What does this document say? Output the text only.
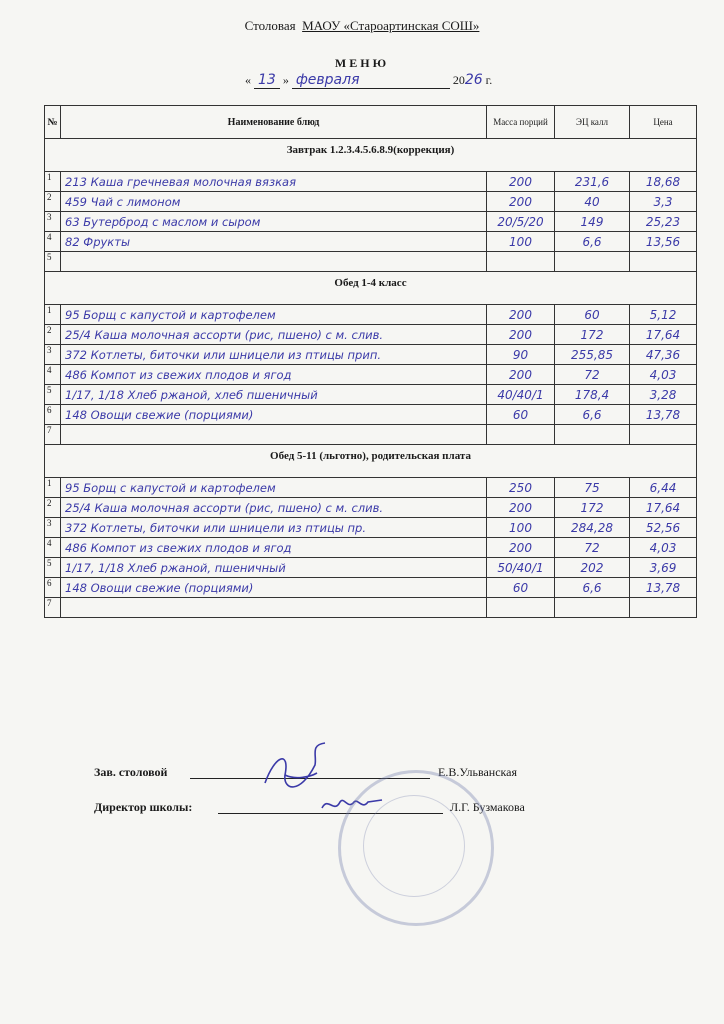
Столовая МАОУ «Староартинская СОШ»
МЕНЮ
« 13 » февраля	2026 г.
№	Наименование блюд	Масса порций	ЭЦ калл	Цена
Завтрак 1.2.3.4.5.6.8.9(коррекция)				

1	213 Каша гречневая молочная вязкая	200	231,6	18,68
2	459 Чай с лимоном	200	40	3,3
3	63 Бутерброд с маслом и сыром	20/5/20	149	25,23
4	82 Фрукты	100	6,6	13,56
5				
Обед 1-4 класс				

1	95 Борщ с капустой и картофелем	200	60	5,12
2	25/4 Каша молочная ассорти (рис, пшено) с м. слив.	200	172	17,64
3	372 Котлеты, биточки или шницели из птицы прип.	90	255,85	47,36
4	486 Компот из свежих плодов и ягод	200	72	4,03
5	1/17, 1/18 Хлеб ржаной, хлеб пшеничный	40/40/1	178,4	3,28
6	148 Овощи свежие (порциями)	60	6,6	13,78
7				
Обед 5-11 (льготно), родительская плата				

1	95 Борщ с капустой и картофелем	250	75	6,44
2	25/4 Каша молочная ассорти (рис, пшено) с м. слив.	200	172	17,64
3	372 Котлеты, биточки или шницели из птицы пр.	100	284,28	52,56
4	486 Компот из свежих плодов и ягод	200	72	4,03
5	1/17, 1/18 Хлеб ржаной, пшеничный	50/40/1	202	3,69
6	148 Овощи свежие (порциями)	60	6,6	13,78
7				
Зав. столовой	Е.В.Ульванская
Директор школы:	Л.Г. Бузмакова
